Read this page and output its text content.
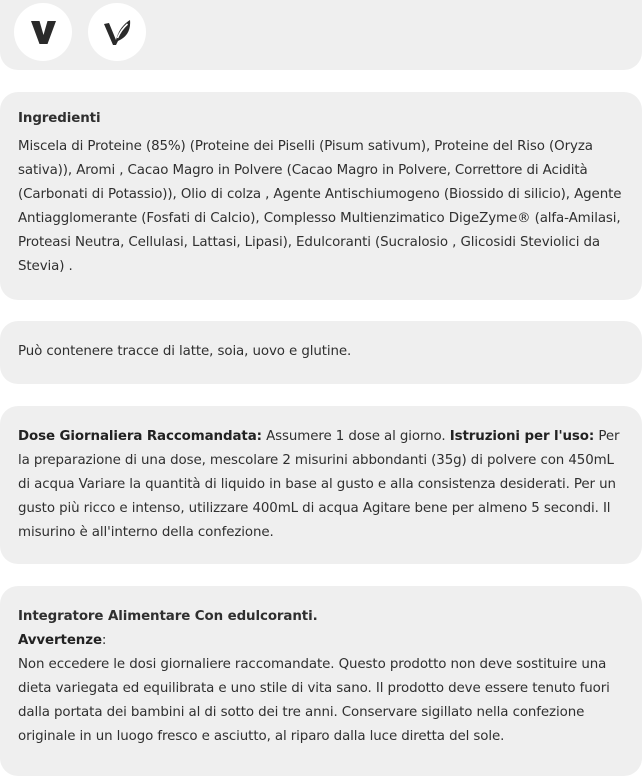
Ingredienti

Miscela di Proteine (85%) (Proteine dei Piselli (Pisum sativum), Proteine del Riso (Oryza sativa)), Aromi , Cacao Magro in Polvere (Cacao Magro in Polvere, Correttore di Acidità (Carbonati di Potassio)), Olio di colza , Agente Antischiumogeno (Biossido di silicio), Agente Antiagglomerante (Fosfati di Calcio), Complesso Multienzimatico DigeZyme® (alfa-Amilasi, Proteasi Neutra, Cellulasi, Lattasi, Lipasi), Edulcoranti (Sucralosio , Glicosidi Steviolici da Stevia) .

Può contenere tracce di latte, soia, uovo e glutine.

Dose Giornaliera Raccomandata: Assumere 1 dose al giorno. Istruzioni per l'uso: Per la preparazione di una dose, mescolare 2 misurini abbondanti (35g) di polvere con 450mL di acqua Variare la quantità di liquido in base al gusto e alla consistenza desiderati. Per un gusto più ricco e intenso, utilizzare 400mL di acqua Agitare bene per almeno 5 secondi. Il misurino è all'interno della confezione.

Integratore Alimentare Con edulcoranti.

Avvertenze:

Non eccedere le dosi giornaliere raccomandate. Questo prodotto non deve sostituire una dieta variegata ed equilibrata e uno stile di vita sano. Il prodotto deve essere tenuto fuori dalla portata dei bambini al di sotto dei tre anni. Conservare sigillato nella confezione originale in un luogo fresco e asciutto, al riparo dalla luce diretta del sole.
